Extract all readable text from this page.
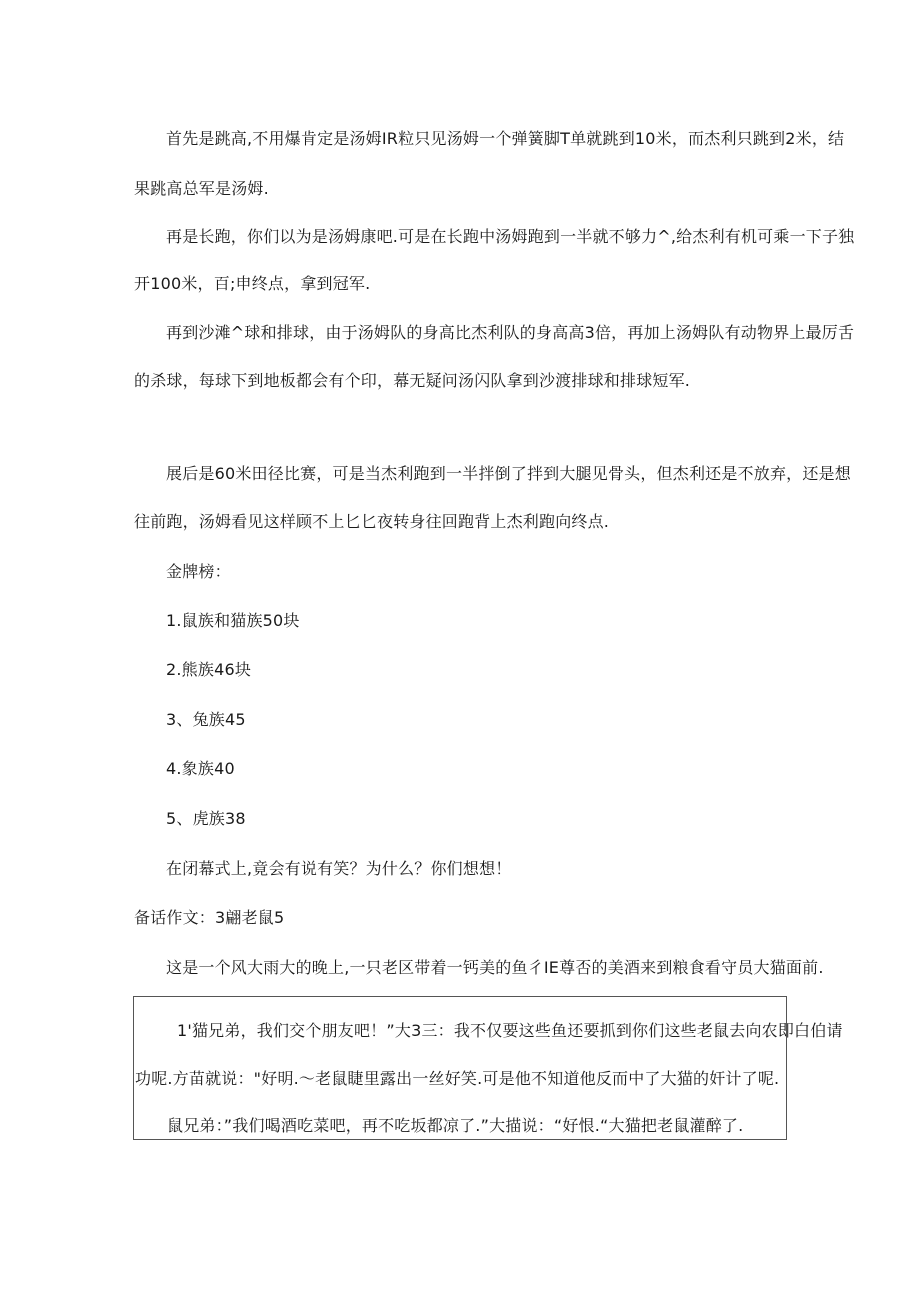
首先是跳高,不用爆肯定是汤姆IR粒只见汤姆一个弹簧脚T单就跳到10米，而杰利只跳到2米，结
果跳高总军是汤姆.
再是长跑，你们以为是汤姆康吧.可是在长跑中汤姆跑到一半就不够力^,给杰利有机可乘一下子独
开100米，百;申终点，拿到冠军.
再到沙滩^球和排球，由于汤姆队的身高比杰利队的身高高3倍，再加上汤姆队有动物界上最厉舌
的杀球，每球下到地板都会有个印，幕无疑问汤闪队拿到沙渡排球和排球短军.
展后是60米田径比赛，可是当杰利跑到一半拌倒了拌到大腿见骨头，但杰利还是不放弃，还是想
往前跑，汤姆看见这样顾不上匕匕夜转身往回跑背上杰利跑向终点.
金牌榜：
1.鼠族和猫族50块
2.熊族46块
3、兔族45
4.象族40
5、虎族38
在闭幕式上,竟会有说有笑？为什么？你们想想！
备话作文：3翩老鼠5
这是一个风大雨大的晚上,一只老区带着一钙美的鱼彳IE尊否的美酒来到粮食看守员大猫面前.
1'猫兄弟，我们交个朋友吧！”大3三：我不仅要这些鱼还要抓到你们这些老鼠去向农即白伯请
功呢.方苗就说："好明.〜老鼠睫里露出一丝好笑.可是他不知道他反而中了大猫的奸计了呢.
鼠兄弟：”我们喝酒吃菜吧，再不吃坂都凉了.”大描说：“好恨.“大猫把老鼠灌醉了.
